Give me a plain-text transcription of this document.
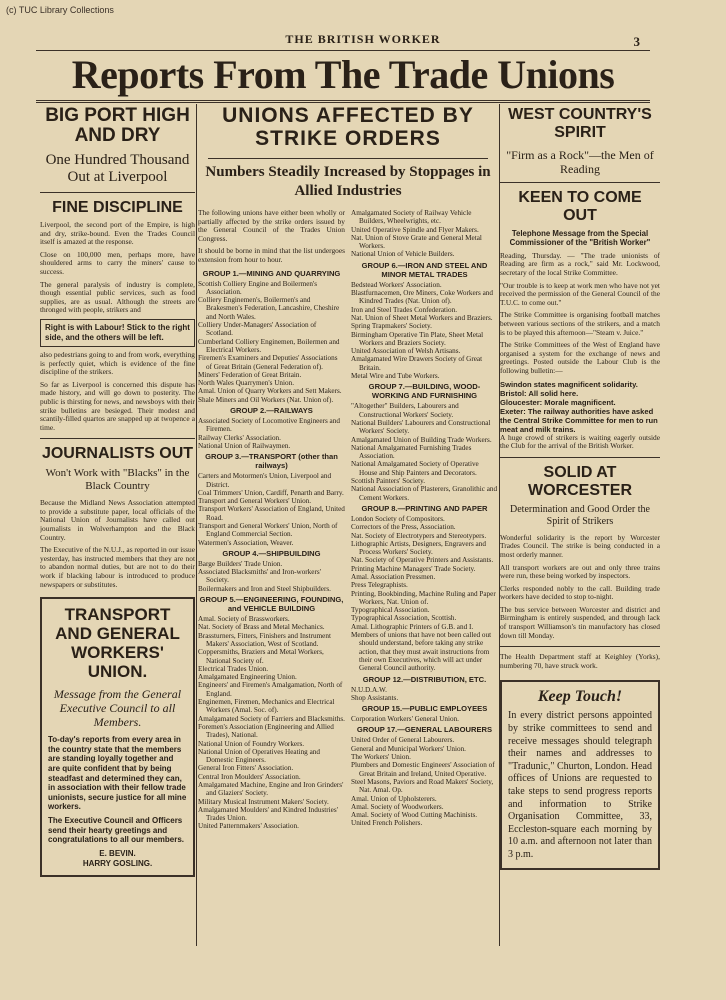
(c) TUC Library Collections
THE BRITISH WORKER	3
Reports From The Trade Unions
BIG PORT HIGH AND DRY
One Hundred Thousand Out at Liverpool
FINE DISCIPLINE
Liverpool, the second port of the Empire, is high and dry, strike-bound. Even the Trades Council itself is amazed at the response.
Close on 100,000 men, perhaps more, have shouldered arms to carry the miners' cause to success.
The general paralysis of industry is complete, though essential public services, such as food supplies, are as usual. Although the streets are thronged with people, strikers and
Right is with Labour! Stick to the right side, and the others will be left.
also pedestrians going to and from work, everything is perfectly quiet, which is evidence of the fine discipline of the strikers.
So far as Liverpool is concerned this dispute has made history, and will go down to posterity. The public is thirsting for news, and newsboys with their strike bulletins are besieged. Their modest and scantily-filled quartos are snapped up at twopence a time.
JOURNALISTS OUT
Won't Work with "Blacks" in the Black Country
Because the Midland News Association attempted to provide a substitute paper, local officials of the National Union of Journalists have called out journalists in Wolverhampton and the Black Country.
The Executive of the N.U.J., as reported in our issue yesterday, has instructed members that they are not to abandon normal duties, but are not to do their work if blacking labour is introduced to produce newspapers or substitutes.
TRANSPORT AND GENERAL WORKERS' UNION.
Message from the General Executive Council to all Members.
To-day's reports from every area in the country state that the members are standing loyally together and are quite confident that by being steadfast and determined they can, in association with their fellow trade unionists, secure justice for all mine workers.
The Executive Council and Officers send their hearty greetings and congratulations to all our members.
E. BEVIN.
HARRY GOSLING.
UNIONS AFFECTED BY STRIKE ORDERS
Numbers Steadily Increased by Stoppages in Allied Industries
The following unions have either been wholly or partially affected by the strike orders issued by the General Council of the Trades Union Congress.
It should be borne in mind that the list undergoes extension from hour to hour.
GROUP 1.—MINING AND QUARRYING
Scottish Colliery Engine and Boilermen's Association.
Colliery Enginemen's, Boilermen's and Brakesmen's Federation, Lancashire, Cheshire and North Wales.
Colliery Under-Managers' Association of Scotland.
Cumberland Colliery Enginemen, Boilermen and Electrical Workers.
Firemen's Examiners and Deputies' Associations of Great Britain (General Federation of).
Miners' Federation of Great Britain.
North Wales Quarrymen's Union.
Amal. Union of Quarry Workers and Sett Makers.
Shale Miners and Oil Workers (Nat. Union of).
GROUP 2.—RAILWAYS
Associated Society of Locomotive Engineers and Firemen.
Railway Clerks' Association.
National Union of Railwaymen.
GROUP 3.—TRANSPORT (other than railways)
Carters and Motormen's Union, Liverpool and District.
Coal Trimmers' Union, Cardiff, Penarth and Barry.
Transport and General Workers' Union.
Transport Workers' Association of England, United Road.
Transport and General Workers' Union, North of England Commercial Section.
Watermen's Association, Weaver.
GROUP 4.—SHIPBUILDING
Barge Builders' Trade Union.
Associated Blacksmiths' and Iron-workers' Society.
Boilermakers and Iron and Steel Shipbuilders.
GROUP 5.—ENGINEERING, FOUNDING, and VEHICLE BUILDING
Amal. Society of Brassworkers.
Nat. Society of Brass and Metal Mechanics.
Brassturners, Fitters, Finishers and Instrument Makers' Association, West of Scotland.
Coppersmiths, Braziers and Metal Workers, National Society of.
Electrical Trades Union.
Amalgamated Engineering Union.
Engineers' and Firemen's Amalgamation, North of England.
Enginemen, Firemen, Mechanics and Electrical Workers (Amal. Soc. of).
Amalgamated Society of Farriers and Blacksmiths.
Foremen's Association (Engineering and Allied Trades), National.
National Union of Foundry Workers.
National Union of Operatives Heating and Domestic Engineers.
General Iron Fitters' Association.
Central Iron Moulders' Association.
Amalgamated Machine, Engine and Iron Grinders' and Glaziers' Society.
Military Musical Instrument Makers' Society.
Amalgamated Moulders' and Kindred Industries' Trades Union.
United Patternmakers' Association.
Amalgamated Society of Railway Vehicle Builders, Wheelwrights, etc.
United Operative Spindle and Flyer Makers.
Nat. Union of Stove Grate and General Metal Workers.
National Union of Vehicle Builders.
GROUP 6.—IRON AND STEEL AND MINOR METAL TRADES
Bedstead Workers' Association.
Blastfurnacemen, Ore Miners, Coke Workers and Kindred Trades (Nat. Union of).
Iron and Steel Trades Confederation.
Nat. Union of Sheet Metal Workers and Braziers.
Spring Trapmakers' Society.
Birmingham Operative Tin Plate, Sheet Metal Workers and Braziers Society.
United Association of Welsh Artisans.
Amalgamated Wire Drawers Society of Great Britain.
Metal Wire and Tube Workers.
GROUP 7.—BUILDING, WOOD-WORKING AND FURNISHING
"Altogether" Builders, Labourers and Constructional Workers' Society.
National Builders' Labourers and Constructional Workers' Society.
Amalgamated Union of Building Trade Workers.
National Amalgamated Furnishing Trades Association.
National Amalgamated Society of Operative House and Ship Painters and Decorators.
Scottish Painters' Society.
National Association of Plasterers, Granolithic and Cement Workers.
GROUP 8.—PRINTING AND PAPER
London Society of Compositors.
Correctors of the Press, Association.
Nat. Society of Electrotypers and Stereotypers.
Lithographic Artists, Designers, Engravers and Process Workers' Society.
Nat. Society of Operative Printers and Assistants.
Printing Machine Managers' Trade Society.
Amal. Association Pressmen.
Press Telegraphists.
Printing, Bookbinding, Machine Ruling and Paper Workers, Nat. Union of.
Typographical Association.
Typographical Association, Scottish.
Amal. Lithographic Printers of G.B. and I.
Members of unions that have not been called out should understand, before taking any strike action, that they must await instructions from their own Executives, which will act under General Council authority.
GROUP 12.—DISTRIBUTION, ETC.
N.U.D.A.W.
Shop Assistants.
GROUP 15.—PUBLIC EMPLOYEES
Corporation Workers' General Union.
GROUP 17.—GENERAL LABOURERS
United Order of General Labourers.
General and Municipal Workers' Union.
The Workers' Union.
Plumbers and Domestic Engineers' Association of Great Britain and Ireland, United Operative.
Steel Masons, Paviors and Road Makers' Society, Nat. Amal. Op.
Amal. Union of Upholsterers.
Amal. Society of Woodworkers.
Amal. Society of Wood Cutting Machinists.
United French Polishers.
WEST COUNTRY'S SPIRIT
"Firm as a Rock"—the Men of Reading
KEEN TO COME OUT
Telephone Message from the Special Commissioner of the "British Worker"
Reading, Thursday. — "The trade unionists of Reading are firm as a rock," said Mr. Lockwood, secretary of the local Strike Committee.
"Our trouble is to keep at work men who have not yet received the permission of the General Council of the T.U.C. to come out."
The Strike Committee is organising football matches between various sections of the strikers, and a match is to be played this afternoon—"Steam v. Juice."
The Strike Committees of the West of England have organised a system for the exchange of news and greetings. Posted outside the Labour Club is the following bulletin:—
Swindon states magnificent solidarity.
Bristol: All solid here.
Gloucester: Morale magnificent.
Exeter: The railway authorities have asked the Central Strike Committee for men to run meat and milk trains.
A huge crowd of strikers is waiting eagerly outside the Club for the arrival of the British Worker.
SOLID AT WORCESTER
Determination and Good Order the Spirit of Strikers
Wonderful solidarity is the report by Worcester Trades Council. The strike is being conducted in a most orderly manner.
All transport workers are out and only three trains were run, these being worked by inspectors.
Clerks responded nobly to the call. Building trade workers have decided to stop to-night.
The bus service between Worcester and district and Birmingham is entirely suspended, and through lack of transport Williamson's tin manufactory has closed down till Monday.
The Health Department staff at Keighley (Yorks), numbering 70, have struck work.
Keep Touch!
In every district persons appointed by strike committees to send and receive messages should telegraph their names and addresses to "Tradunic," Churton, London. Head offices of Unions are requested to take steps to send progress reports and information to Strike Organisation Committee, 33, Eccleston-square each morning by 10 a.m. and afternoon not later than 3 p.m.
